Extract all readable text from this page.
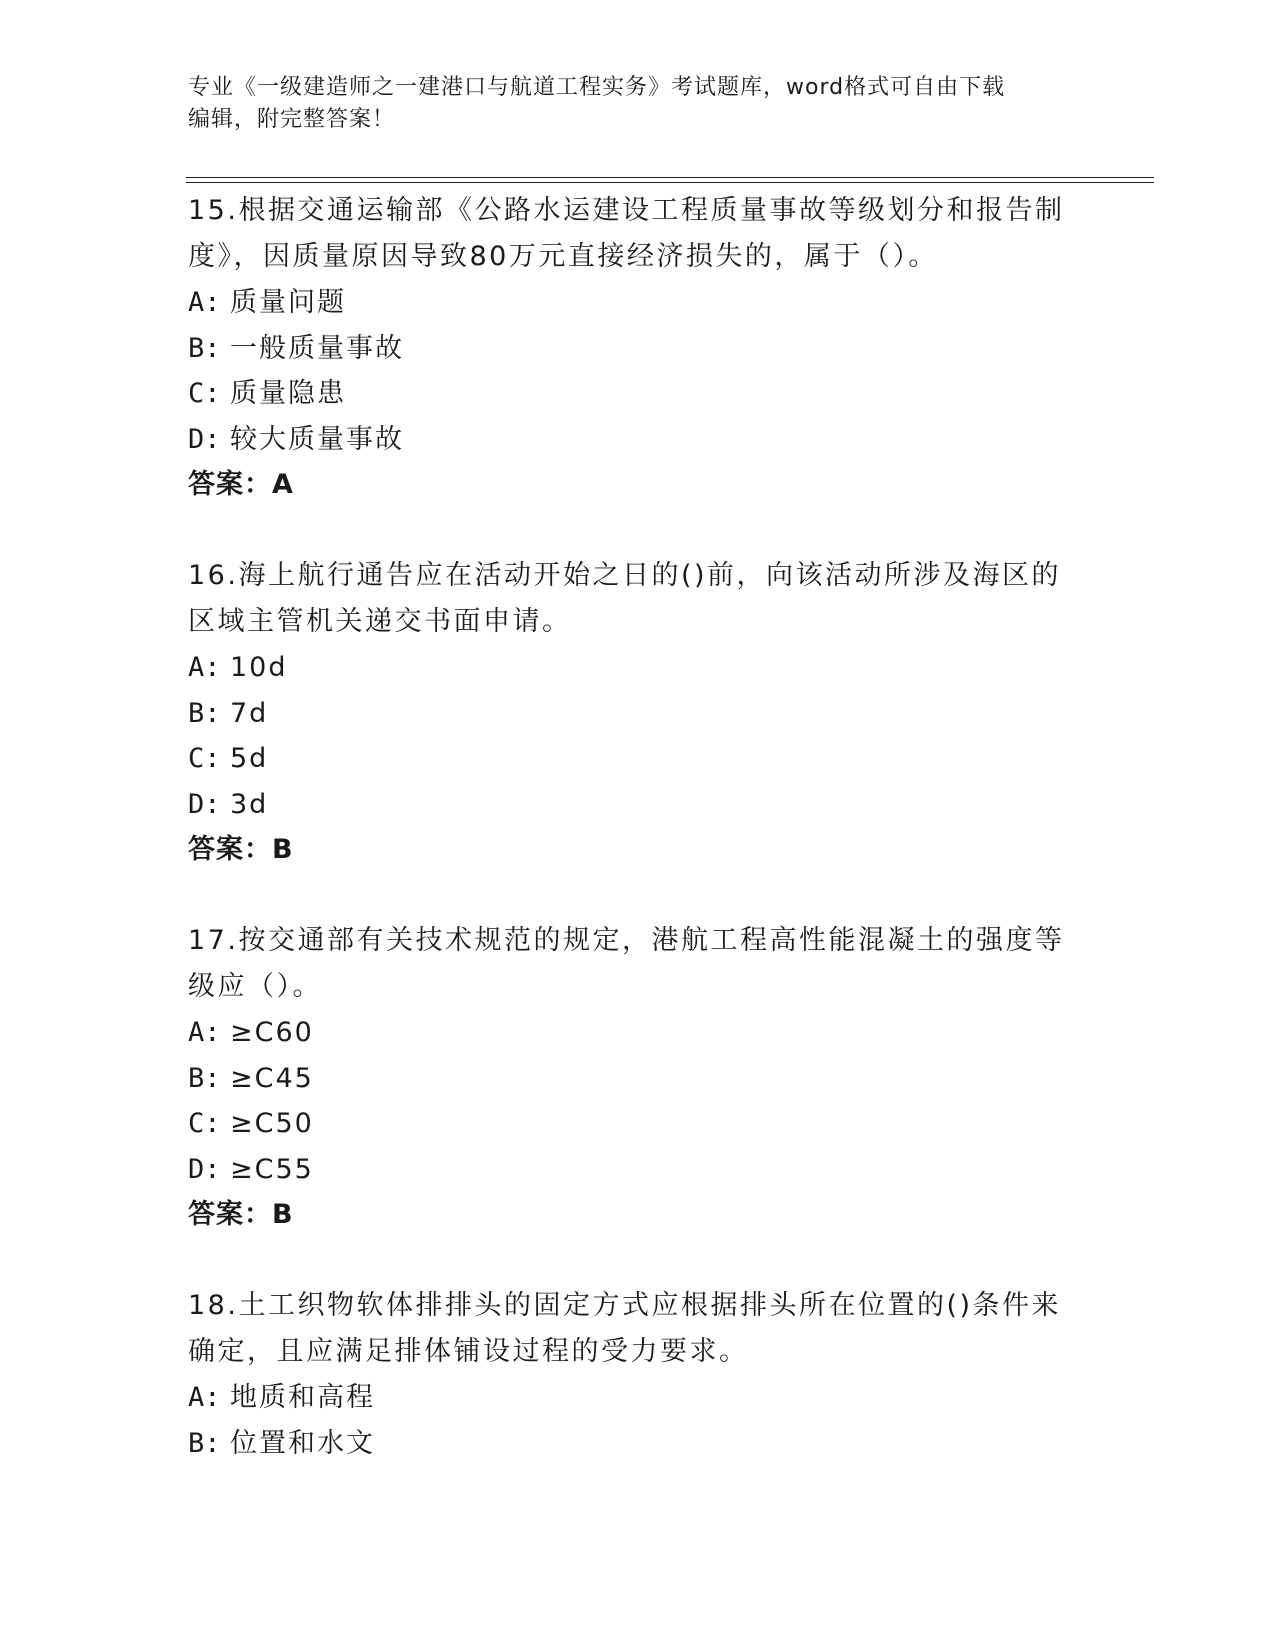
专业《一级建造师之一建港口与航道工程实务》考试题库，word格式可自由下载
编辑，附完整答案！

15.根据交通运输部《公路水运建设工程质量事故等级划分和报告制度》，因质量原因导致80万元直接经济损失的，属于（）。

A: 质量问题
B: 一般质量事故
C: 质量隐患
D: 较大质量事故
答案：A

16.海上航行通告应在活动开始之日的()前，向该活动所涉及海区的区域主管机关递交书面申请。

A: 10d
B: 7d
C: 5d
D: 3d
答案：B

17.按交通部有关技术规范的规定，港航工程高性能混凝土的强度等级应（）。

A: ≥C60
B: ≥C45
C: ≥C50
D: ≥C55
答案：B

18.土工织物软体排排头的固定方式应根据排头所在位置的()条件来确定，且应满足排体铺设过程的受力要求。

A: 地质和高程
B: 位置和水文
